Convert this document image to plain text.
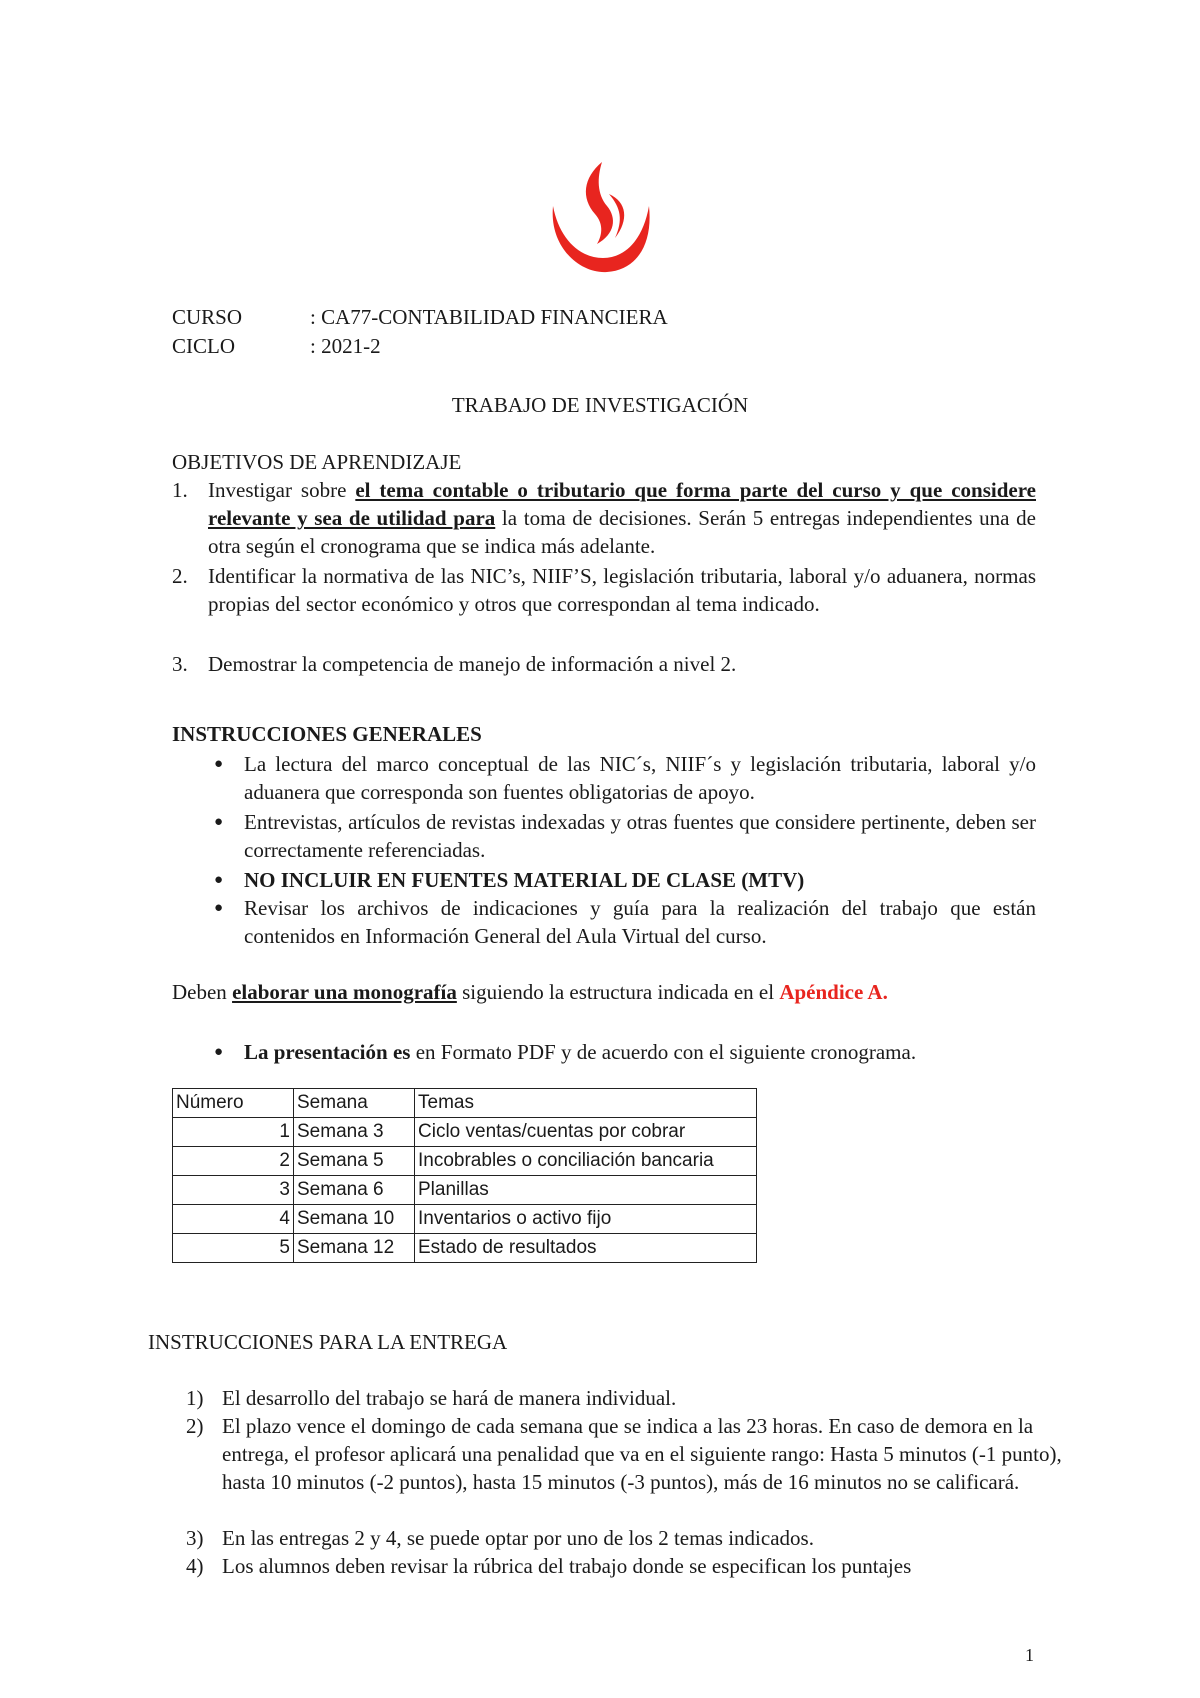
CURSO	: CA77-CONTABILIDAD FINANCIERA
CICLO	: 2021-2
TRABAJO DE INVESTIGACIÓN
OBJETIVOS DE APRENDIZAJE
1. Investigar sobre el tema contable o tributario que forma parte del curso y que considere relevante y sea de utilidad para la toma de decisiones. Serán 5 entregas independientes una de otra según el cronograma que se indica más adelante.
2. Identificar la normativa de las NIC’s, NIIF’S, legislación tributaria, laboral y/o aduanera, normas propias del sector económico y otros que correspondan al tema indicado.
3. Demostrar la competencia de manejo de información a nivel 2.
INSTRUCCIONES GENERALES
● La lectura del marco conceptual de las NIC´s, NIIF´s y legislación tributaria, laboral y/o aduanera que corresponda son fuentes obligatorias de apoyo.
● Entrevistas, artículos de revistas indexadas y otras fuentes que considere pertinente, deben ser correctamente referenciadas.
● NO INCLUIR EN FUENTES MATERIAL DE CLASE (MTV)
● Revisar los archivos de indicaciones y guía para la realización del trabajo que están contenidos en Información General del Aula Virtual del curso.
Deben elaborar una monografía siguiendo la estructura indicada en el Apéndice A.
● La presentación es en Formato PDF y de acuerdo con el siguiente cronograma.
Número	Semana	Temas
1	Semana 3	Ciclo ventas/cuentas por cobrar
2	Semana 5	Incobrables o conciliación bancaria
3	Semana 6	Planillas
4	Semana 10	Inventarios o activo fijo
5	Semana 12	Estado de resultados
INSTRUCCIONES PARA LA ENTREGA
1) El desarrollo del trabajo se hará de manera individual.
2) El plazo vence el domingo de cada semana que se indica a las 23 horas. En caso de demora en la entrega, el profesor aplicará una penalidad que va en el siguiente rango: Hasta 5 minutos (-1 punto), hasta 10 minutos (-2 puntos), hasta 15 minutos (-3 puntos), más de 16 minutos no se calificará.
3) En las entregas 2 y 4, se puede optar por uno de los 2 temas indicados.
4) Los alumnos deben revisar la rúbrica del trabajo donde se especifican los puntajes
1
